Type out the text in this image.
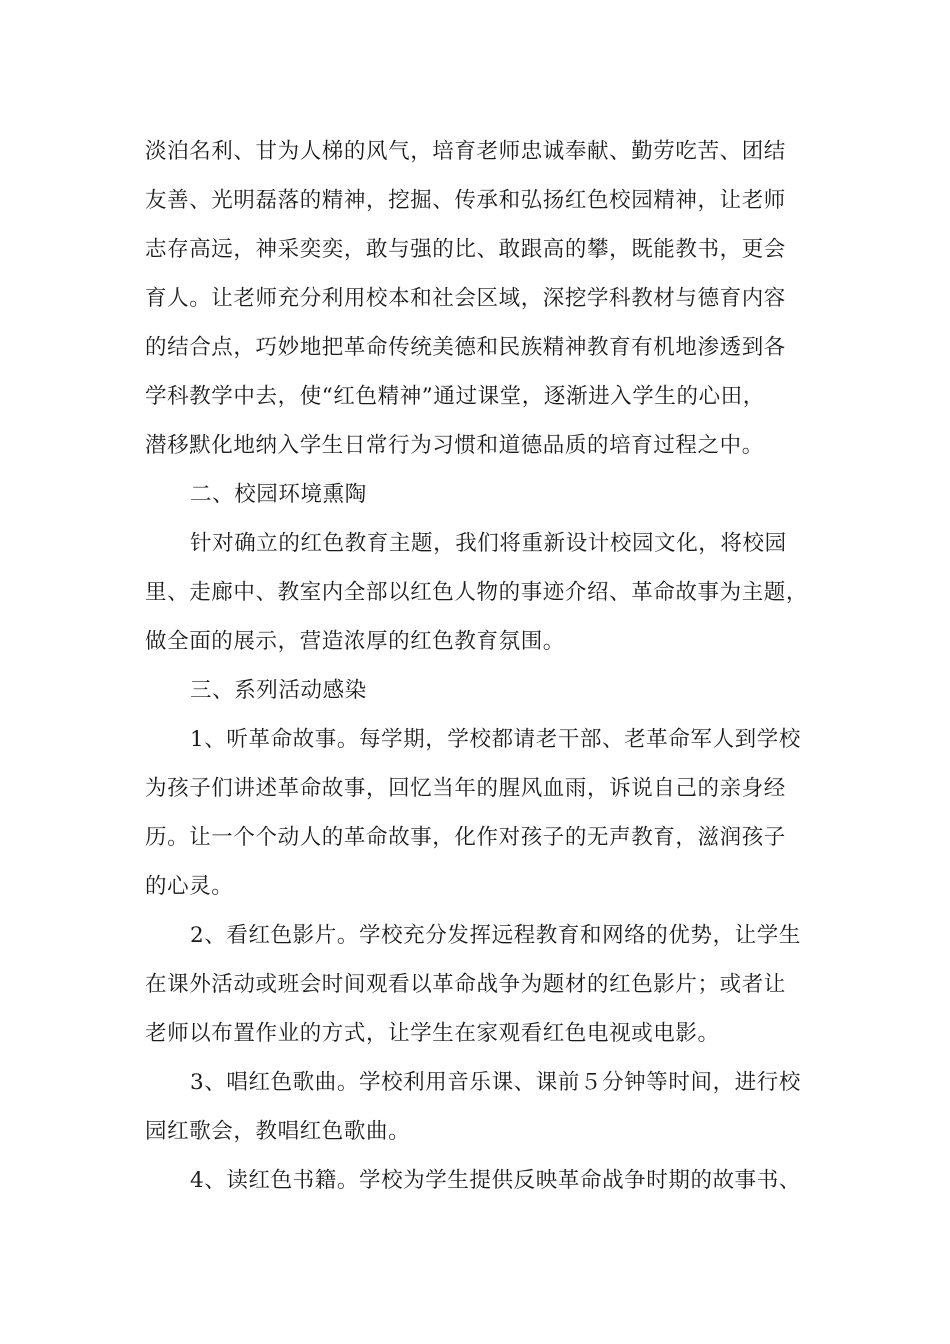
淡泊名利、甘为人梯的风气，培育老师忠诚奉献、勤劳吃苦、团结
友善、光明磊落的精神，挖掘、传承和弘扬红色校园精神，让老师
志存高远，神采奕奕，敢与强的比、敢跟高的攀，既能教书，更会
育人。让老师充分利用校本和社会区域，深挖学科教材与德育内容
的结合点，巧妙地把革命传统美德和民族精神教育有机地渗透到各
学科教学中去，使“红色精神”通过课堂，逐渐进入学生的心田，
潜移默化地纳入学生日常行为习惯和道德品质的培育过程之中。
二、校园环境熏陶
针对确立的红色教育主题，我们将重新设计校园文化，将校园
里、走廊中、教室内全部以红色人物的事迹介绍、革命故事为主题，
做全面的展示，营造浓厚的红色教育氛围。
三、系列活动感染
1、听革命故事。每学期，学校都请老干部、老革命军人到学校
为孩子们讲述革命故事，回忆当年的腥风血雨，诉说自己的亲身经
历。让一个个动人的革命故事，化作对孩子的无声教育，滋润孩子
的心灵。
2、看红色影片。学校充分发挥远程教育和网络的优势，让学生
在课外活动或班会时间观看以革命战争为题材的红色影片；或者让
老师以布置作业的方式，让学生在家观看红色电视或电影。
3、唱红色歌曲。学校利用音乐课、课前５分钟等时间，进行校
园红歌会，教唱红色歌曲。
4、读红色书籍。学校为学生提供反映革命战争时期的故事书、
